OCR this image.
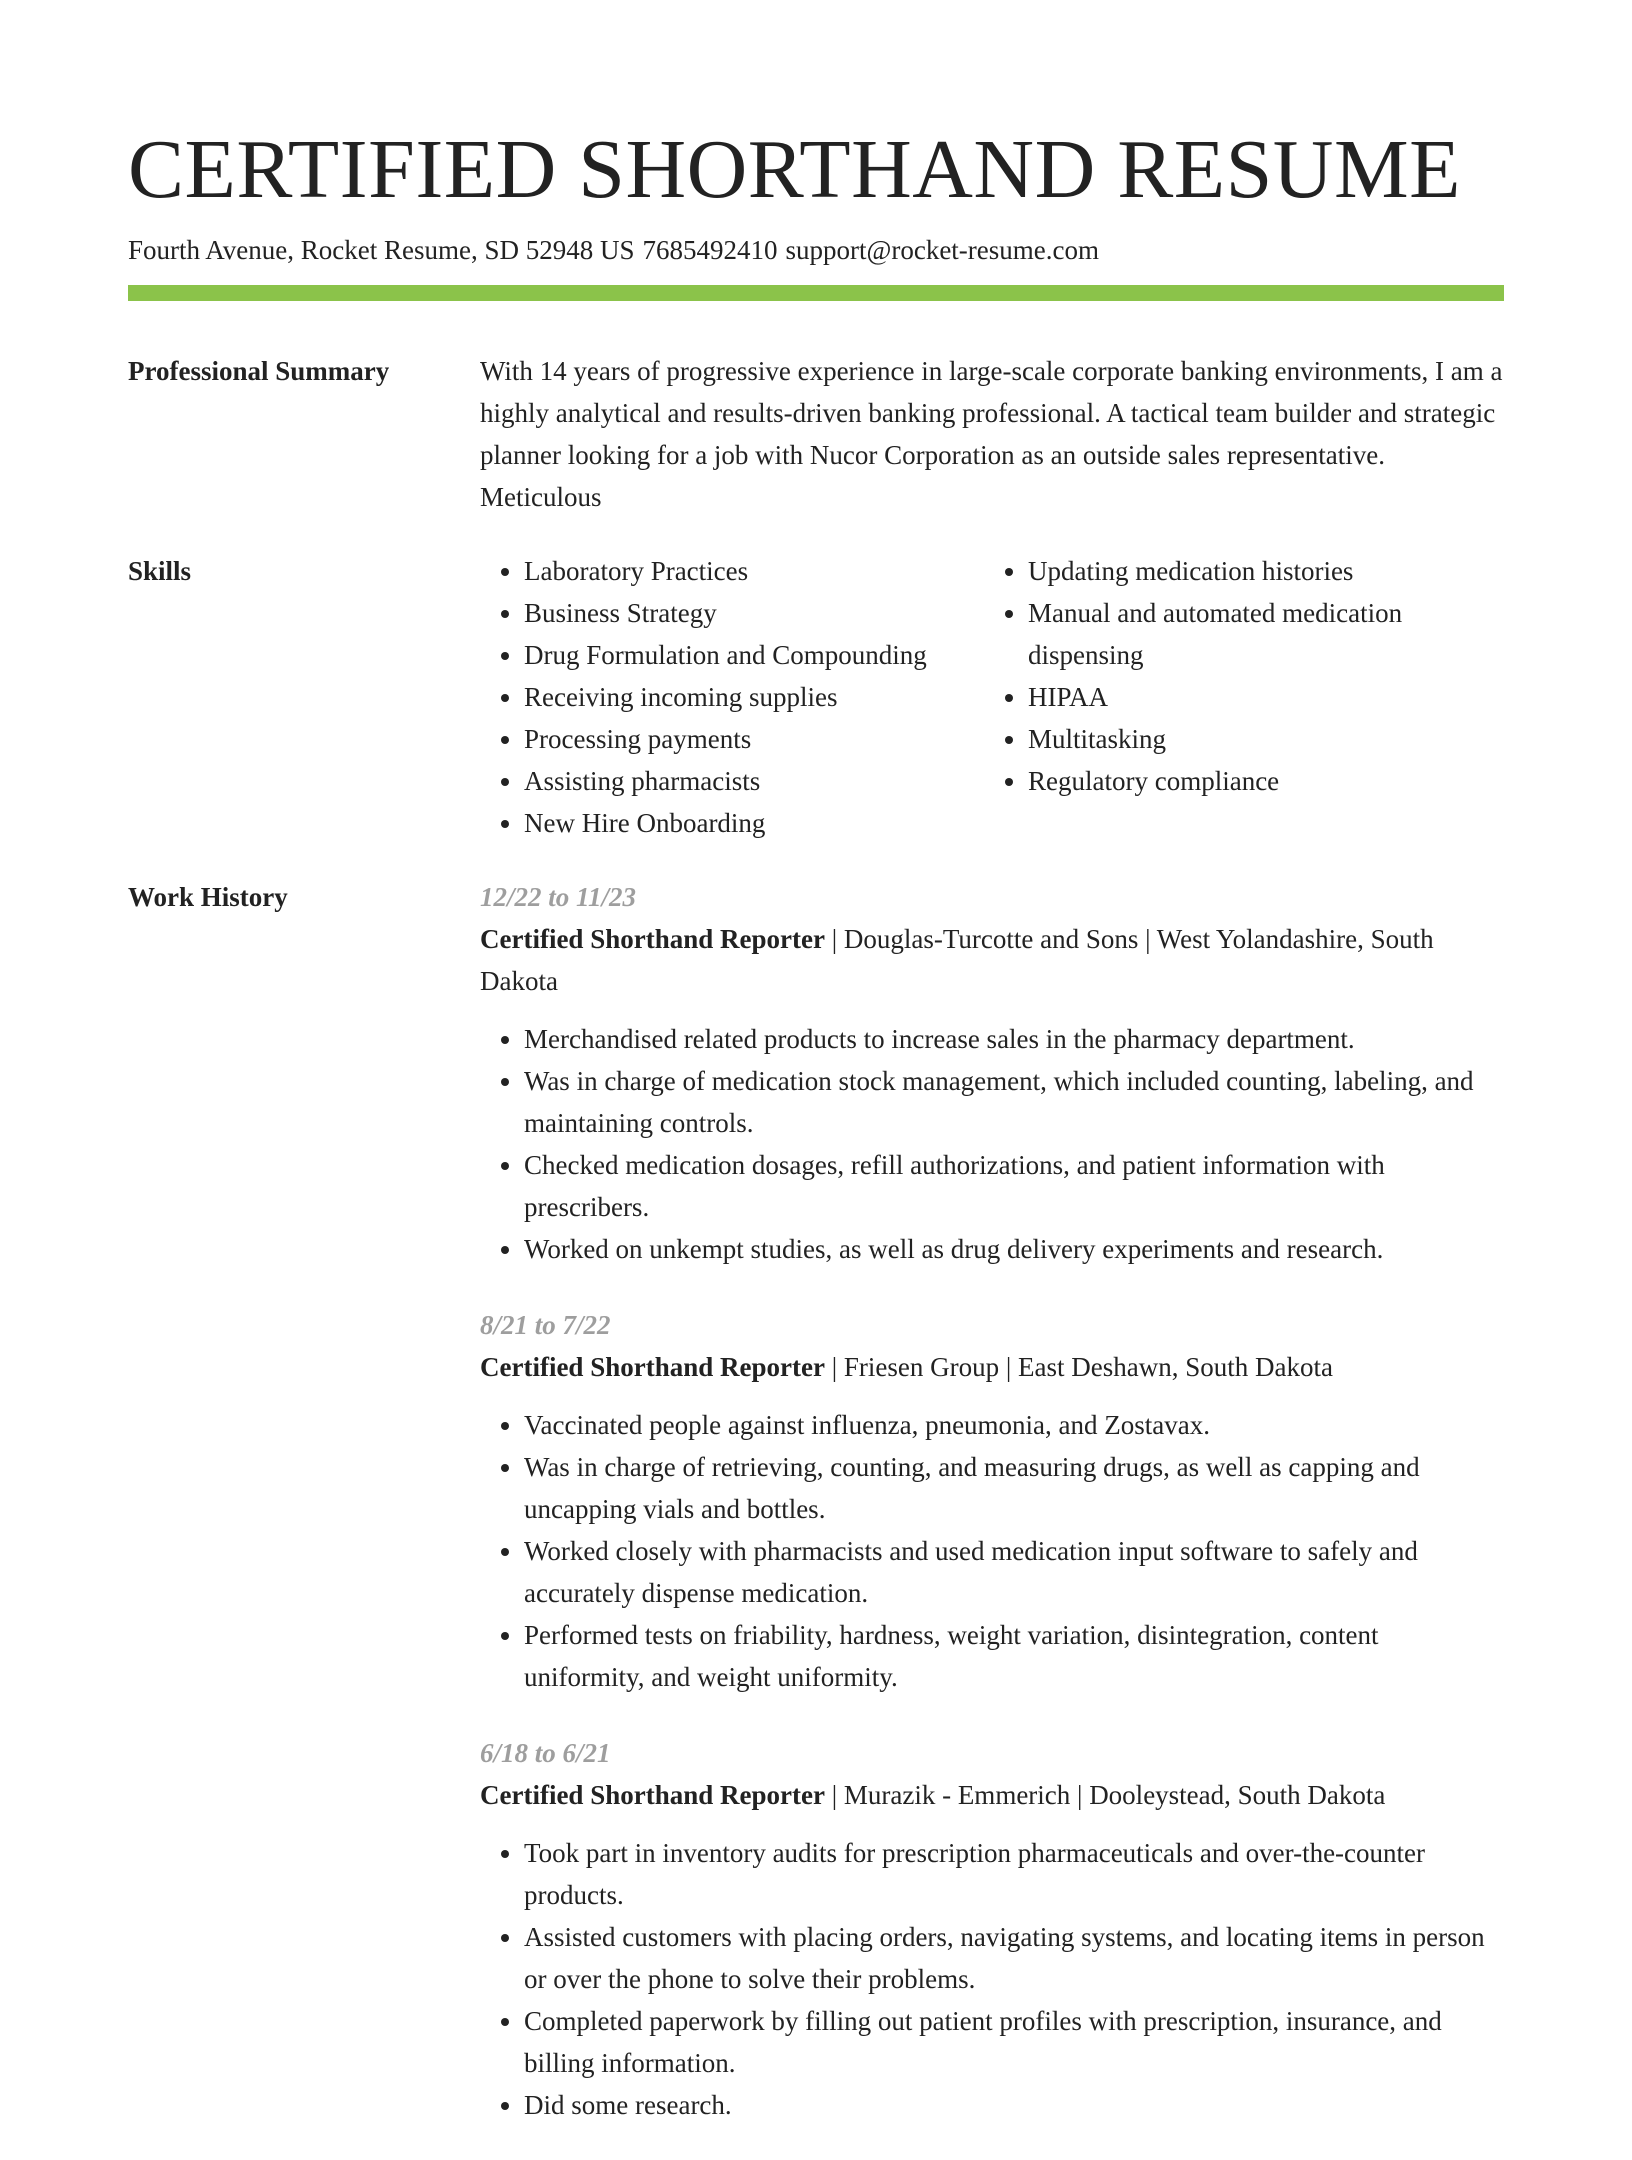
CERTIFIED SHORTHAND RESUME
Fourth Avenue, Rocket Resume, SD 52948 US 7685492410 support@rocket-resume.com
Professional Summary	With 14 years of progressive experience in large-scale corporate banking environments, I am a highly analytical and results-driven banking professional. A tactical team builder and strategic planner looking for a job with Nucor Corporation as an outside sales representative. Meticulous

Skills
•	Laboratory Practices
• Business Strategy
• Drug Formulation and Compounding
• Receiving incoming supplies
• Processing payments
• Assisting pharmacists
• New Hire Onboarding
• Updating medication histories
• Manual and automated medication dispensing
• HIPAA
• Multitasking
• Regulatory compliance
Work History	12/22 to 11/23
Certified Shorthand Reporter | Douglas-Turcotte and Sons | West Yolandashire, South Dakota
• Merchandised related products to increase sales in the pharmacy department.
• Was in charge of medication stock management, which included counting, labeling, and maintaining controls.
• Checked medication dosages, refill authorizations, and patient information with prescribers.
• Worked on unkempt studies, as well as drug delivery experiments and research.
8/21 to 7/22
Certified Shorthand Reporter | Friesen Group | East Deshawn, South Dakota
• Vaccinated people against influenza, pneumonia, and Zostavax.
• Was in charge of retrieving, counting, and measuring drugs, as well as capping and uncapping vials and bottles.
• Worked closely with pharmacists and used medication input software to safely and accurately dispense medication.
• Performed tests on friability, hardness, weight variation, disintegration, content uniformity, and weight uniformity.
6/18 to 6/21
Certified Shorthand Reporter | Murazik - Emmerich | Dooleystead, South Dakota
• Took part in inventory audits for prescription pharmaceuticals and over-the-counter products.
• Assisted customers with placing orders, navigating systems, and locating items in person or over the phone to solve their problems.
• Completed paperwork by filling out patient profiles with prescription, insurance, and billing information.
• Did some research.
